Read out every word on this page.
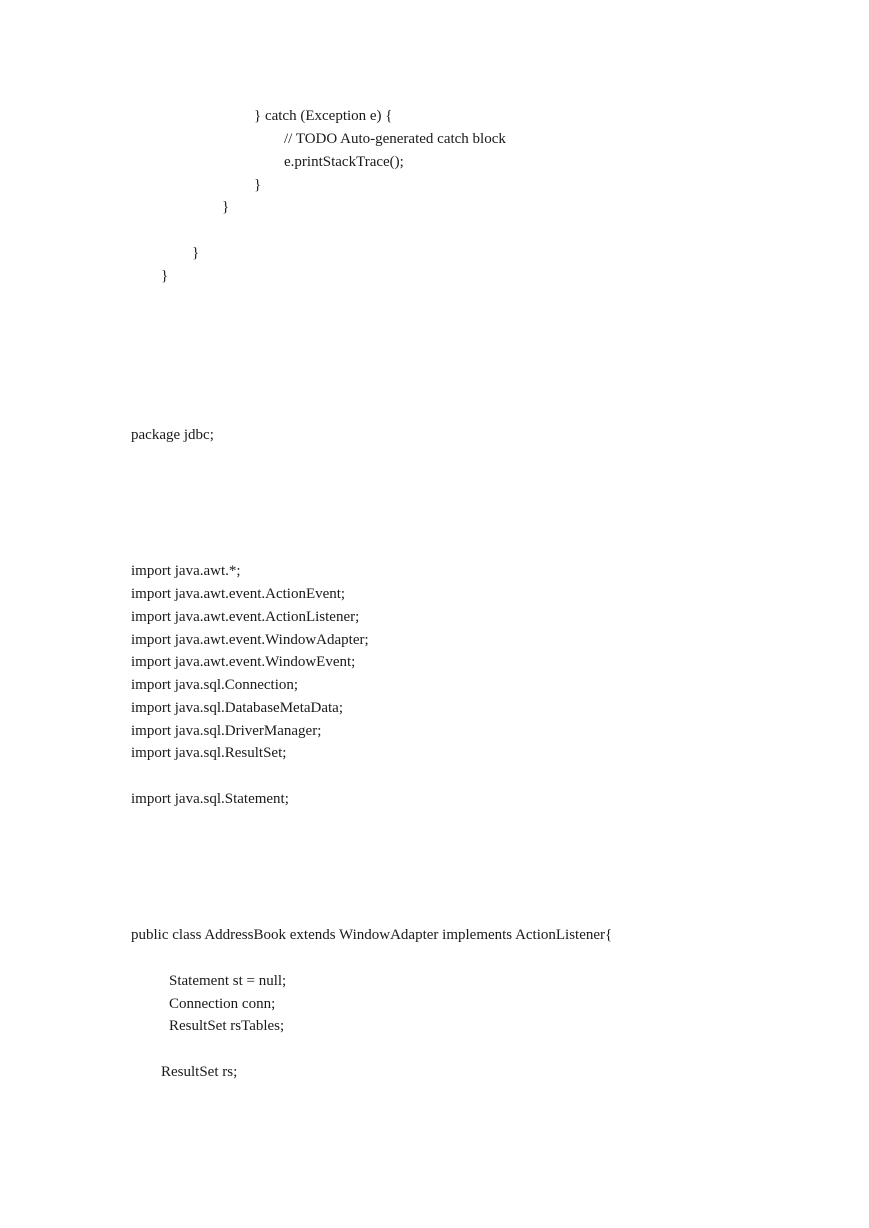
} catch (Exception e) {
// TODO Auto-generated catch block
e.printStackTrace();
}
}
}
}
package jdbc;
import java.awt.*;
import java.awt.event.ActionEvent;
import java.awt.event.ActionListener;
import java.awt.event.WindowAdapter;
import java.awt.event.WindowEvent;
import java.sql.Connection;
import java.sql.DatabaseMetaData;
import java.sql.DriverManager;
import java.sql.ResultSet;
import java.sql.Statement;
public class AddressBook extends WindowAdapter implements ActionListener{
Statement st = null;
Connection conn;
ResultSet rsTables;
ResultSet rs;
